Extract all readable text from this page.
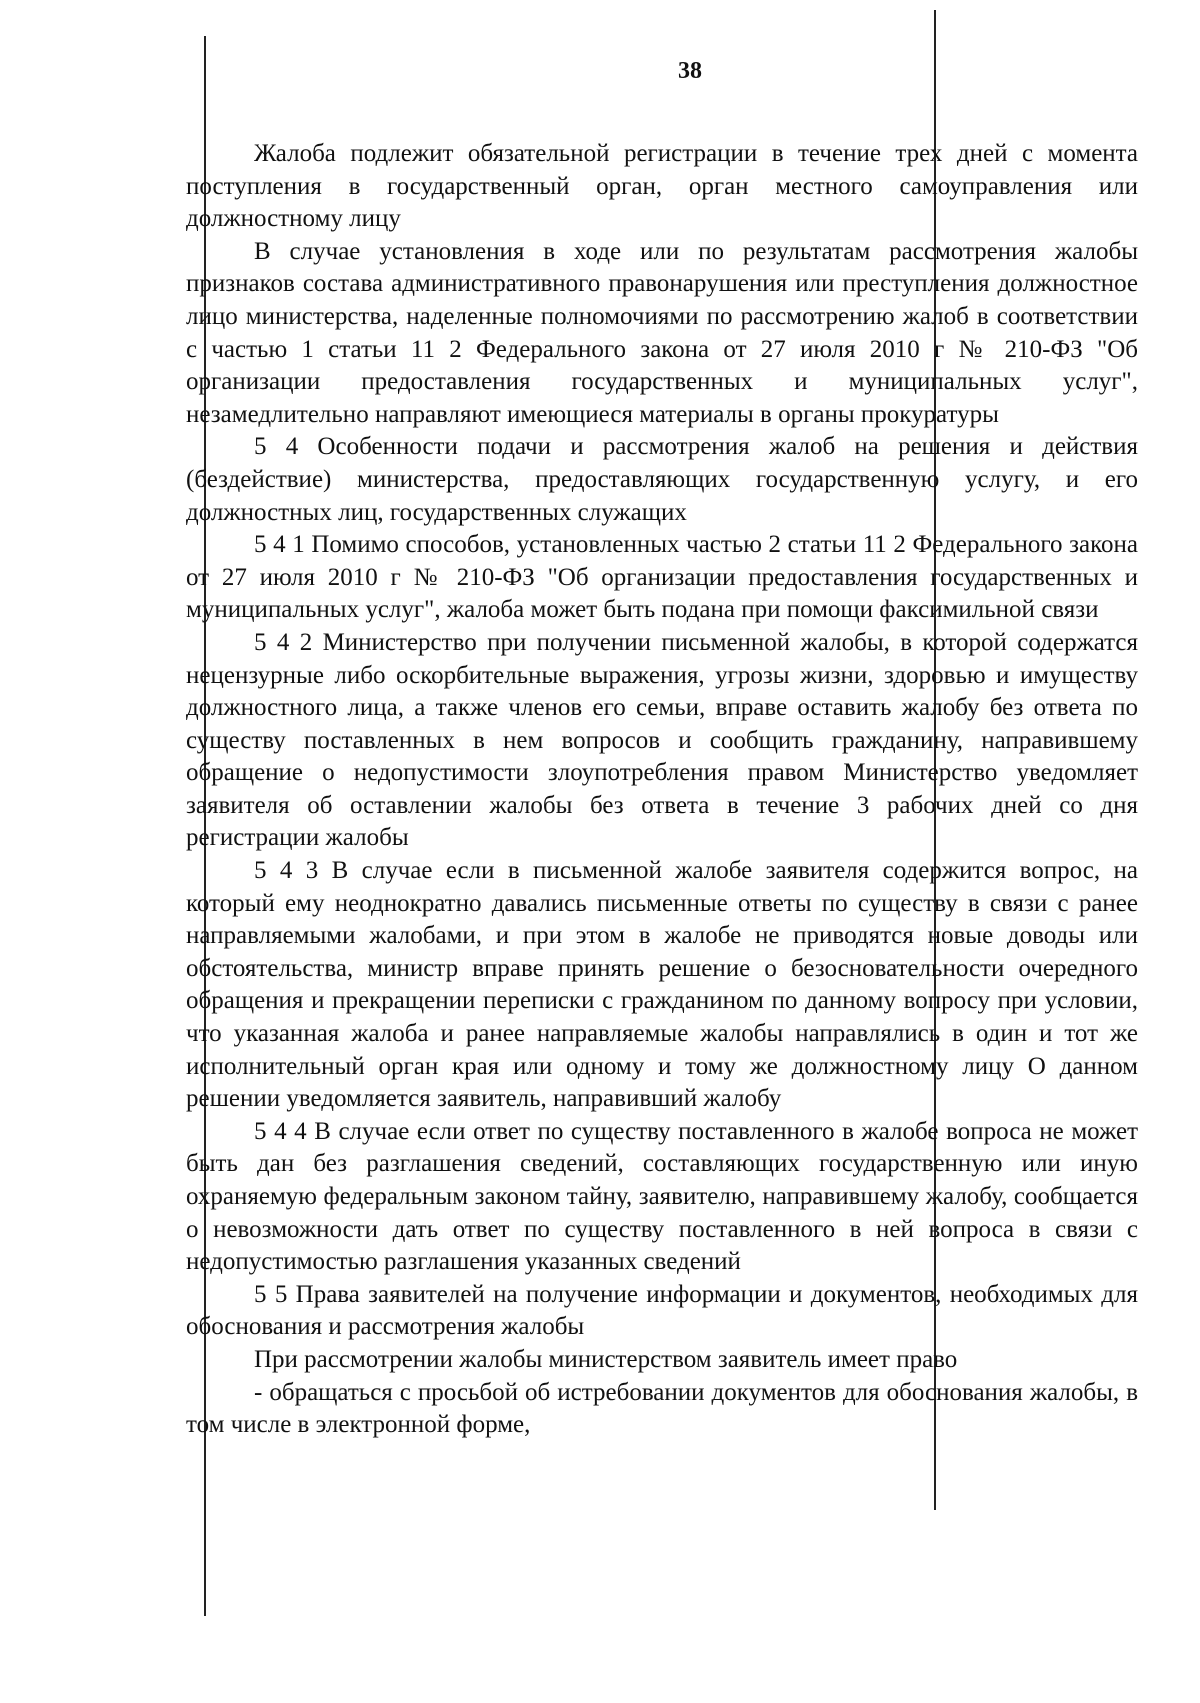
38

Жалоба подлежит обязательной регистрации в течение трех дней с момента поступления в государственный орган, орган местного самоуправления или должностному лицу

В случае установления в ходе или по результатам рассмотрения жалобы признаков состава административного правонарушения или преступления должностное лицо министерства, наделенные полномочиями по рассмотрению жалоб в соответствии с частью 1 статьи 11 2 Федерального закона от 27 июля 2010 г № 210-ФЗ "Об организации предоставления государственных и муниципальных услуг", незамедлительно направляют имеющиеся материалы в органы прокуратуры

5 4 Особенности подачи и рассмотрения жалоб на решения и действия (бездействие) министерства, предоставляющих государственную услугу, и его должностных лиц, государственных служащих

5 4 1 Помимо способов, установленных частью 2 статьи 11 2 Федерального закона от 27 июля 2010 г № 210-ФЗ "Об организации предоставления государственных и муниципальных услуг", жалоба может быть подана при помощи факсимильной связи

5 4 2 Министерство при получении письменной жалобы, в которой содержатся нецензурные либо оскорбительные выражения, угрозы жизни, здоровью и имуществу должностного лица, а также членов его семьи, вправе оставить жалобу без ответа по существу поставленных в нем вопросов и сообщить гражданину, направившему обращение о недопустимости злоупотребления правом Министерство уведомляет заявителя об оставлении жалобы без ответа в течение 3 рабочих дней со дня регистрации жалобы

5 4 3 В случае если в письменной жалобе заявителя содержится вопрос, на который ему неоднократно давались письменные ответы по существу в связи с ранее направляемыми жалобами, и при этом в жалобе не приводятся новые доводы или обстоятельства, министр вправе принять решение о безосновательности очередного обращения и прекращении переписки с гражданином по данному вопросу при условии, что указанная жалоба и ранее направляемые жалобы направлялись в один и тот же исполнительный орган края или одному и тому же должностному лицу О данном решении уведомляется заявитель, направивший жалобу

5 4 4 В случае если ответ по существу поставленного в жалобе вопроса не может быть дан без разглашения сведений, составляющих государственную или иную охраняемую федеральным законом тайну, заявителю, направившему жалобу, сообщается о невозможности дать ответ по существу поставленного в ней вопроса в связи с недопустимостью разглашения указанных сведений

5 5 Права заявителей на получение информации и документов, необходимых для обоснования и рассмотрения жалобы

При рассмотрении жалобы министерством заявитель имеет право

- обращаться с просьбой об истребовании документов для обоснования жалобы, в том числе в электронной форме,
